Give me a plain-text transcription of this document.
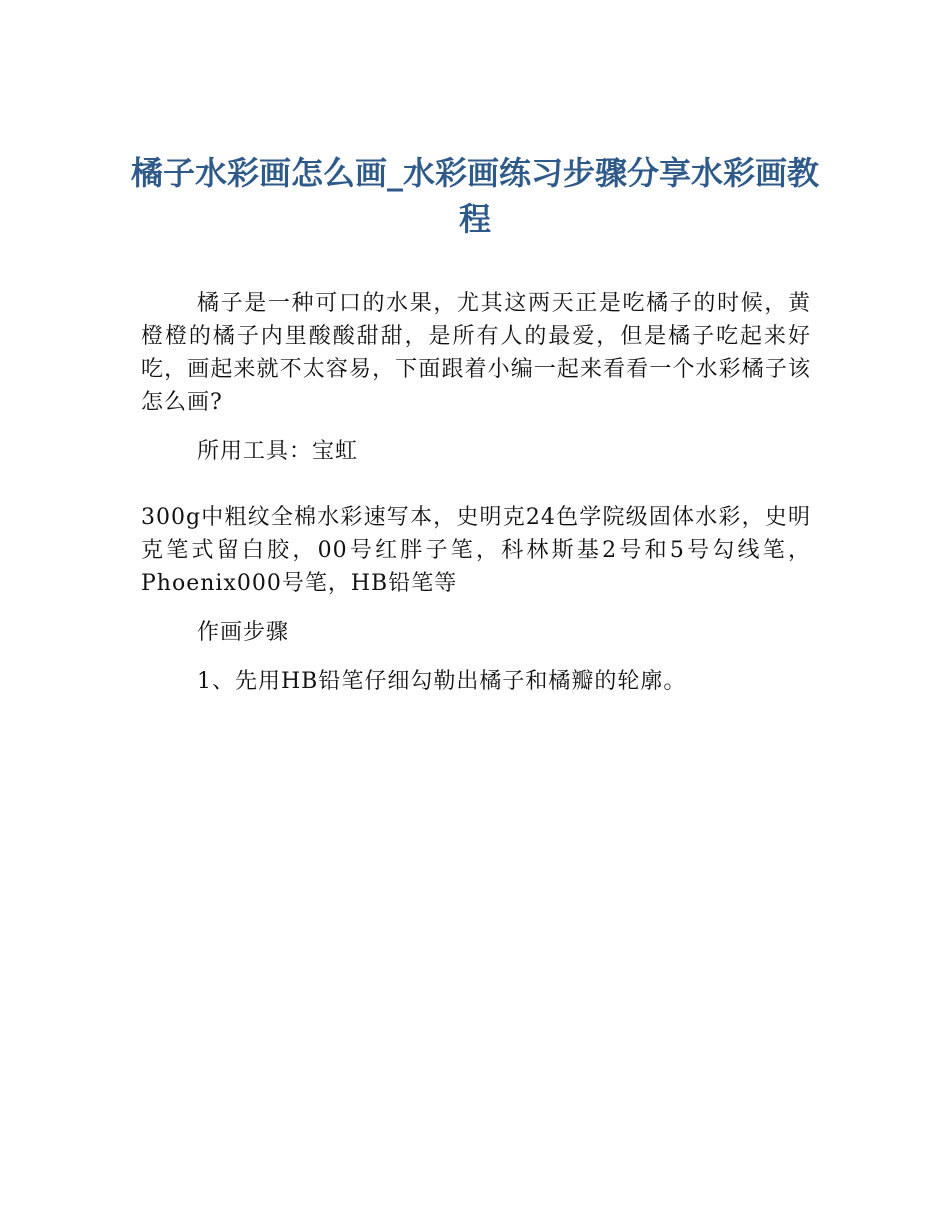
橘子水彩画怎么画_水彩画练习步骤分享水彩画教程

橘子是一种可口的水果，尤其这两天正是吃橘子的时候，黄橙橙的橘子内里酸酸甜甜，是所有人的最爱，但是橘子吃起来好吃，画起来就不太容易，下面跟着小编一起来看看一个水彩橘子该怎么画?

所用工具：宝虹

300g中粗纹全棉水彩速写本，史明克24色学院级固体水彩，史明克笔式留白胶，00号红胖子笔，科林斯基2号和5号勾线笔，Phoenix000号笔，HB铅笔等

作画步骤

1、先用HB铅笔仔细勾勒出橘子和橘瓣的轮廓。
